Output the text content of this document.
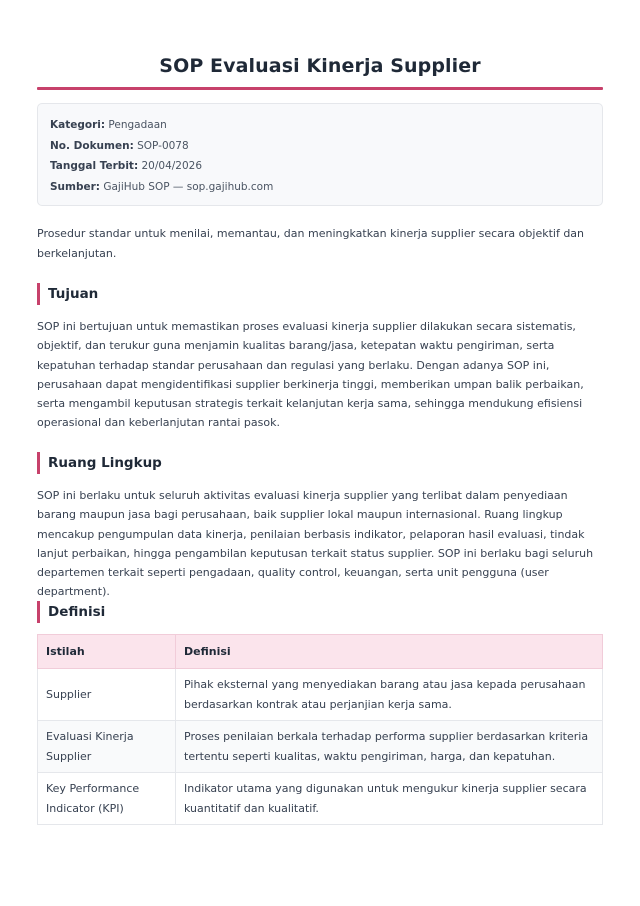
SOP Evaluasi Kinerja Supplier
Kategori: Pengadaan
No. Dokumen: SOP-0078
Tanggal Terbit: 20/04/2026
Sumber: GajiHub SOP — sop.gajihub.com

Prosedur standar untuk menilai, memantau, dan meningkatkan kinerja supplier secara objektif dan berkelanjutan.

Tujuan

SOP ini bertujuan untuk memastikan proses evaluasi kinerja supplier dilakukan secara sistematis, objektif, dan terukur guna menjamin kualitas barang/jasa, ketepatan waktu pengiriman, serta kepatuhan terhadap standar perusahaan dan regulasi yang berlaku. Dengan adanya SOP ini, perusahaan dapat mengidentifikasi supplier berkinerja tinggi, memberikan umpan balik perbaikan, serta mengambil keputusan strategis terkait kelanjutan kerja sama, sehingga mendukung efisiensi operasional dan keberlanjutan rantai pasok.

Ruang Lingkup

SOP ini berlaku untuk seluruh aktivitas evaluasi kinerja supplier yang terlibat dalam penyediaan barang maupun jasa bagi perusahaan, baik supplier lokal maupun internasional. Ruang lingkup mencakup pengumpulan data kinerja, penilaian berbasis indikator, pelaporan hasil evaluasi, tindak lanjut perbaikan, hingga pengambilan keputusan terkait status supplier. SOP ini berlaku bagi seluruh departemen terkait seperti pengadaan, quality control, keuangan, serta unit pengguna (user department).

Definisi
Istilah	Definisi
Supplier	Pihak eksternal yang menyediakan barang atau jasa kepada perusahaan berdasarkan kontrak atau perjanjian kerja sama.
Evaluasi Kinerja Supplier	Proses penilaian berkala terhadap performa supplier berdasarkan kriteria tertentu seperti kualitas, waktu pengiriman, harga, dan kepatuhan.
Key Performance Indicator (KPI)	Indikator utama yang digunakan untuk mengukur kinerja supplier secara kuantitatif dan kualitatif.
